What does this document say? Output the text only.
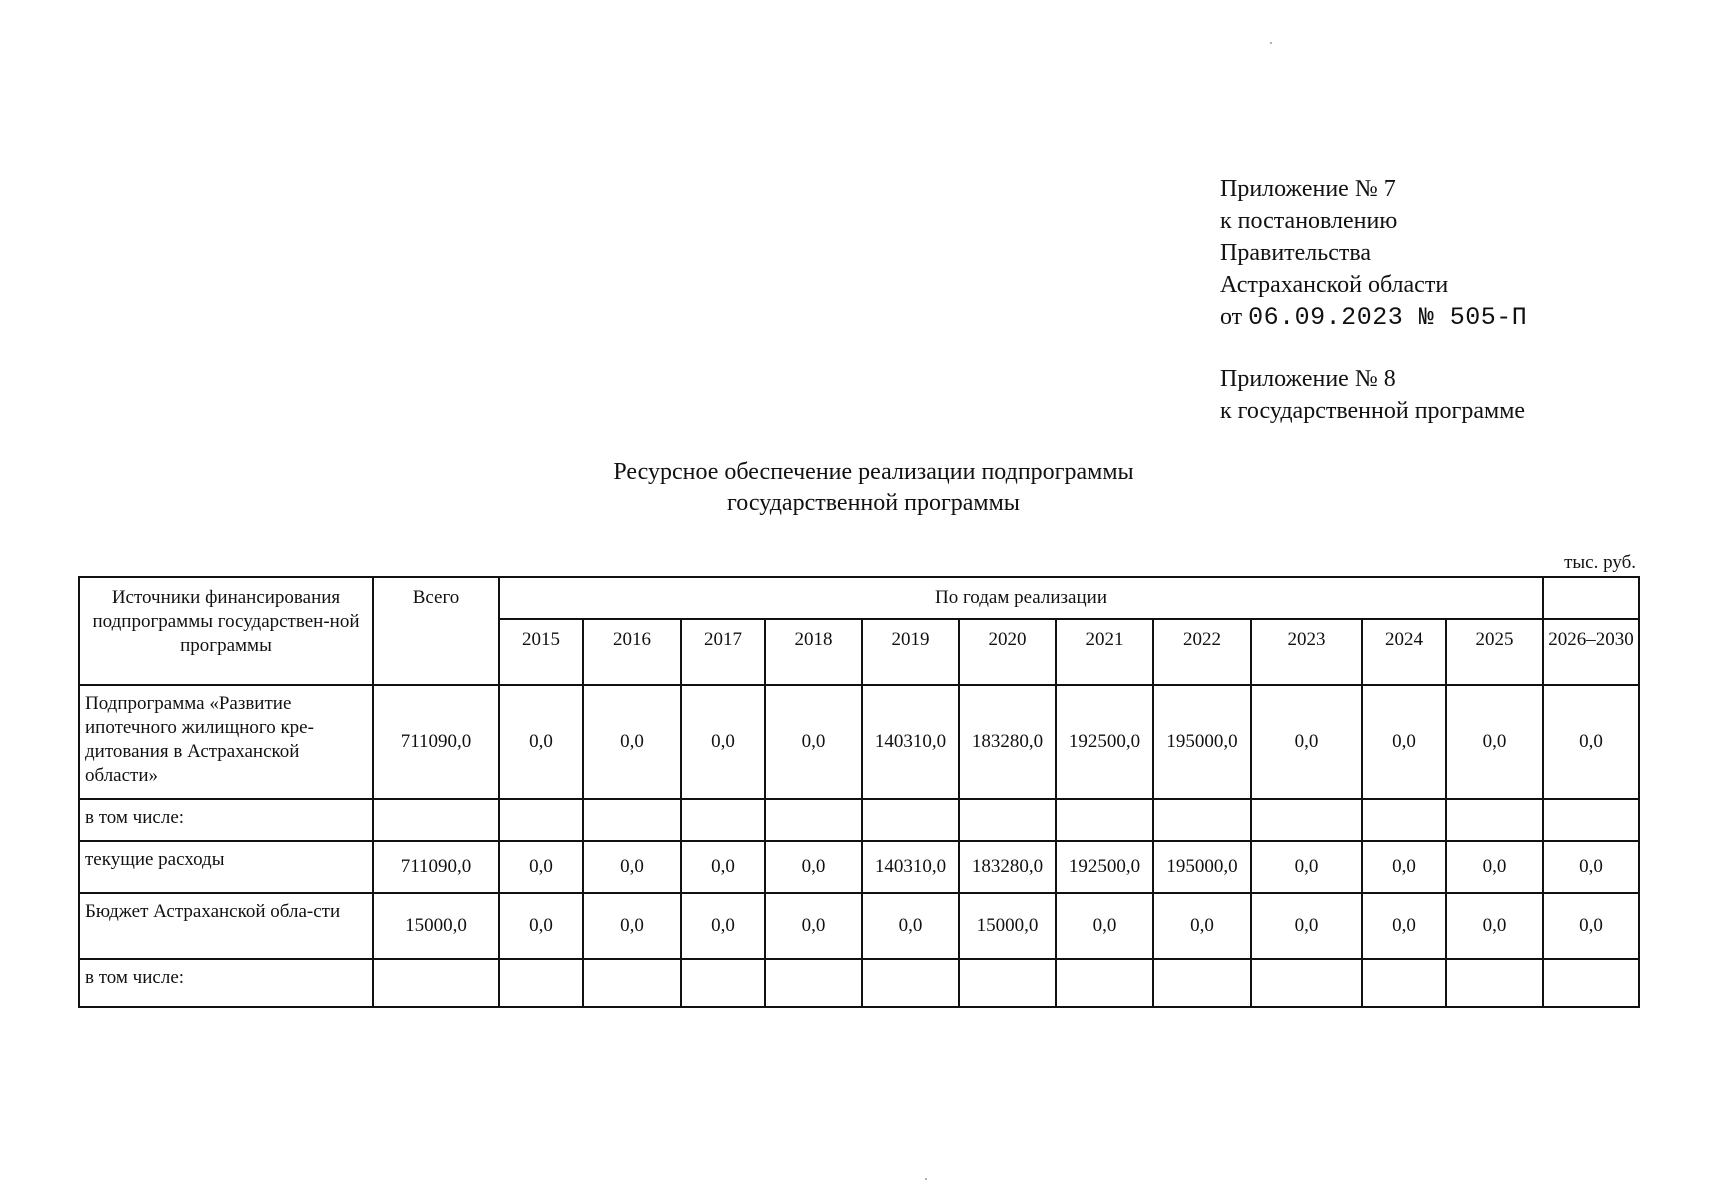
Приложение № 7
к постановлению
Правительства
Астраханской области
от 06.09.2023 № 505-П
Приложение № 8
к государственной программе
Ресурсное обеспечение реализации подпрограммы
государственной программы
тыс. руб.
Источники финансирования подпрограммы государствен-ной программы	Всего	По годам реализации											
		2015	2016	2017	2018	2019	2020	2021	2022	2023	2024	2025	2026–2030
Подпрограмма «Развитие ипотечного жилищного кре-дитования в Астраханской области»	711090,0	0,0	0,0	0,0	0,0	140310,0	183280,0	192500,0	195000,0	0,0	0,0	0,0	0,0
в том числе:													
текущие расходы	711090,0	0,0	0,0	0,0	0,0	140310,0	183280,0	192500,0	195000,0	0,0	0,0	0,0	0,0
Бюджет Астраханской обла-сти	15000,0	0,0	0,0	0,0	0,0	0,0	15000,0	0,0	0,0	0,0	0,0	0,0	0,0
в том числе:													
